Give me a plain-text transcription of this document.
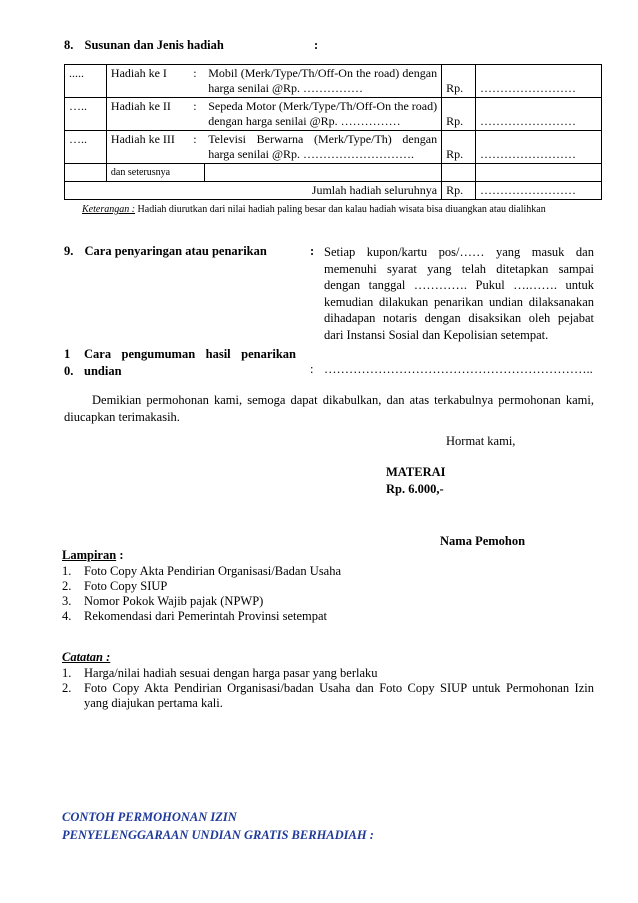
8. Susunan dan Jenis hadiah	:
.....	Hadiah ke I	:	Mobil (Merk/Type/Th/Off-On the road) dengan harga senilai @Rp. ……………	Rp.	……………………
…..	Hadiah ke II	:	Sepeda Motor (Merk/Type/Th/Off-On the road) dengan harga senilai @Rp. ……………	Rp.	……………………
…..	Hadiah ke III	:	Televisi Berwarna (Merk/Type/Th) dengan harga senilai @Rp. ……………………….	Rp.	……………………
	dan seterusnya				
Jumlah hadiah seluruhnya				Rp.	……………………
Keterangan : Hadiah diurutkan dari nilai hadiah paling besar dan kalau hadiah wisata bisa diuangkan atau dialihkan
9. Cara penyaringan atau penarikan	: Setiap kupon/kartu pos/…… yang masuk dan memenuhi syarat yang telah ditetapkan sampai dengan tanggal …………. Pukul ….……. untuk kemudian dilakukan penarikan undian dilaksanakan dihadapan notaris dengan disaksikan oleh pejabat dari Instansi Sosial dan Kepolisian setempat.
1
0.
Cara pengumuman hasil penarikan
undian	: ………………………………………………………..
Demikian permohonan kami, semoga dapat dikabulkan, dan atas terkabulnya permohonan kami, diucapkan terimakasih.
Hormat kami,
MATERAI
Rp. 6.000,-
Nama Pemohon
Lampiran :
1. Foto Copy Akta Pendirian Organisasi/Badan Usaha
2. Foto Copy SIUP
3. Nomor Pokok Wajib pajak (NPWP)
4. Rekomendasi dari Pemerintah Provinsi setempat
Catatan :
1. Harga/nilai hadiah sesuai dengan harga pasar yang berlaku
2. Foto Copy Akta Pendirian Organisasi/badan Usaha dan Foto Copy SIUP untuk Permohonan Izin yang diajukan pertama kali.
CONTOH PERMOHONAN IZIN
PENYELENGGARAAN UNDIAN GRATIS BERHADIAH :
